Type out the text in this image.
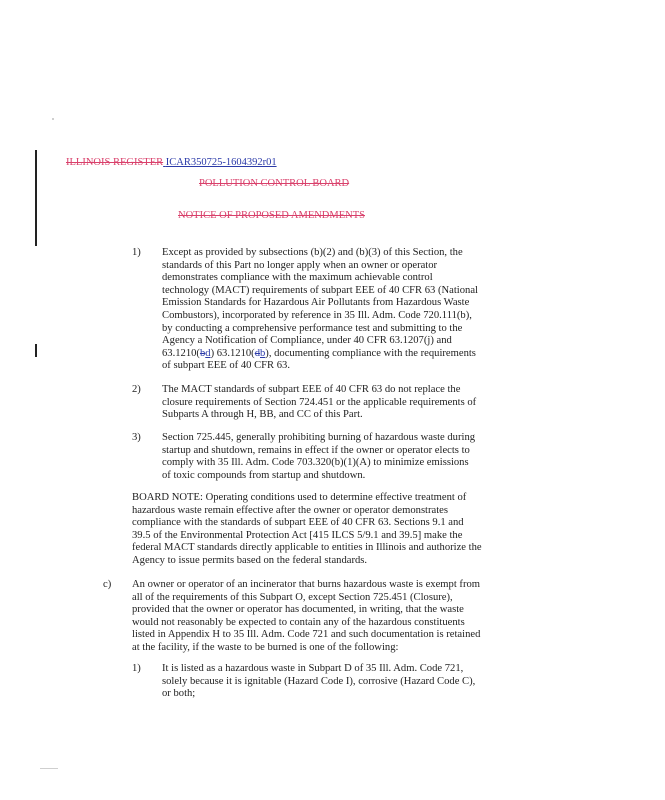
ILLINOIS REGISTER ICAR350725-1604392r01
POLLUTION CONTROL BOARD
NOTICE OF PROPOSED AMENDMENTS
1) Except as provided by subsections (b)(2) and (b)(3) of this Section, the
standards of this Part no longer apply when an owner or operator
demonstrates compliance with the maximum achievable control
technology (MACT) requirements of subpart EEE of 40 CFR 63 (National
Emission Standards for Hazardous Air Pollutants from Hazardous Waste
Combustors), incorporated by reference in 35 Ill. Adm. Code 720.111(b),
by conducting a comprehensive performance test and submitting to the
Agency a Notification of Compliance, under 40 CFR 63.1207(j) and
63.1210(bd) 63.1210(db), documenting compliance with the requirements
of subpart EEE of 40 CFR 63.
2) The MACT standards of subpart EEE of 40 CFR 63 do not replace the
closure requirements of Section 724.451 or the applicable requirements of
Subparts A through H, BB, and CC of this Part.
3) Section 725.445, generally prohibiting burning of hazardous waste during
startup and shutdown, remains in effect if the owner or operator elects to
comply with 35 Ill. Adm. Code 703.320(b)(1)(A) to minimize emissions
of toxic compounds from startup and shutdown.
BOARD NOTE: Operating conditions used to determine effective treatment of
hazardous waste remain effective after the owner or operator demonstrates
compliance with the standards of subpart EEE of 40 CFR 63. Sections 9.1 and
39.5 of the Environmental Protection Act [415 ILCS 5/9.1 and 39.5] make the
federal MACT standards directly applicable to entities in Illinois and authorize the
Agency to issue permits based on the federal standards.
c) An owner or operator of an incinerator that burns hazardous waste is exempt from
all of the requirements of this Subpart O, except Section 725.451 (Closure),
provided that the owner or operator has documented, in writing, that the waste
would not reasonably be expected to contain any of the hazardous constituents
listed in Appendix H to 35 Ill. Adm. Code 721 and such documentation is retained
at the facility, if the waste to be burned is one of the following:
1) It is listed as a hazardous waste in Subpart D of 35 Ill. Adm. Code 721,
solely because it is ignitable (Hazard Code I), corrosive (Hazard Code C),
or both;
